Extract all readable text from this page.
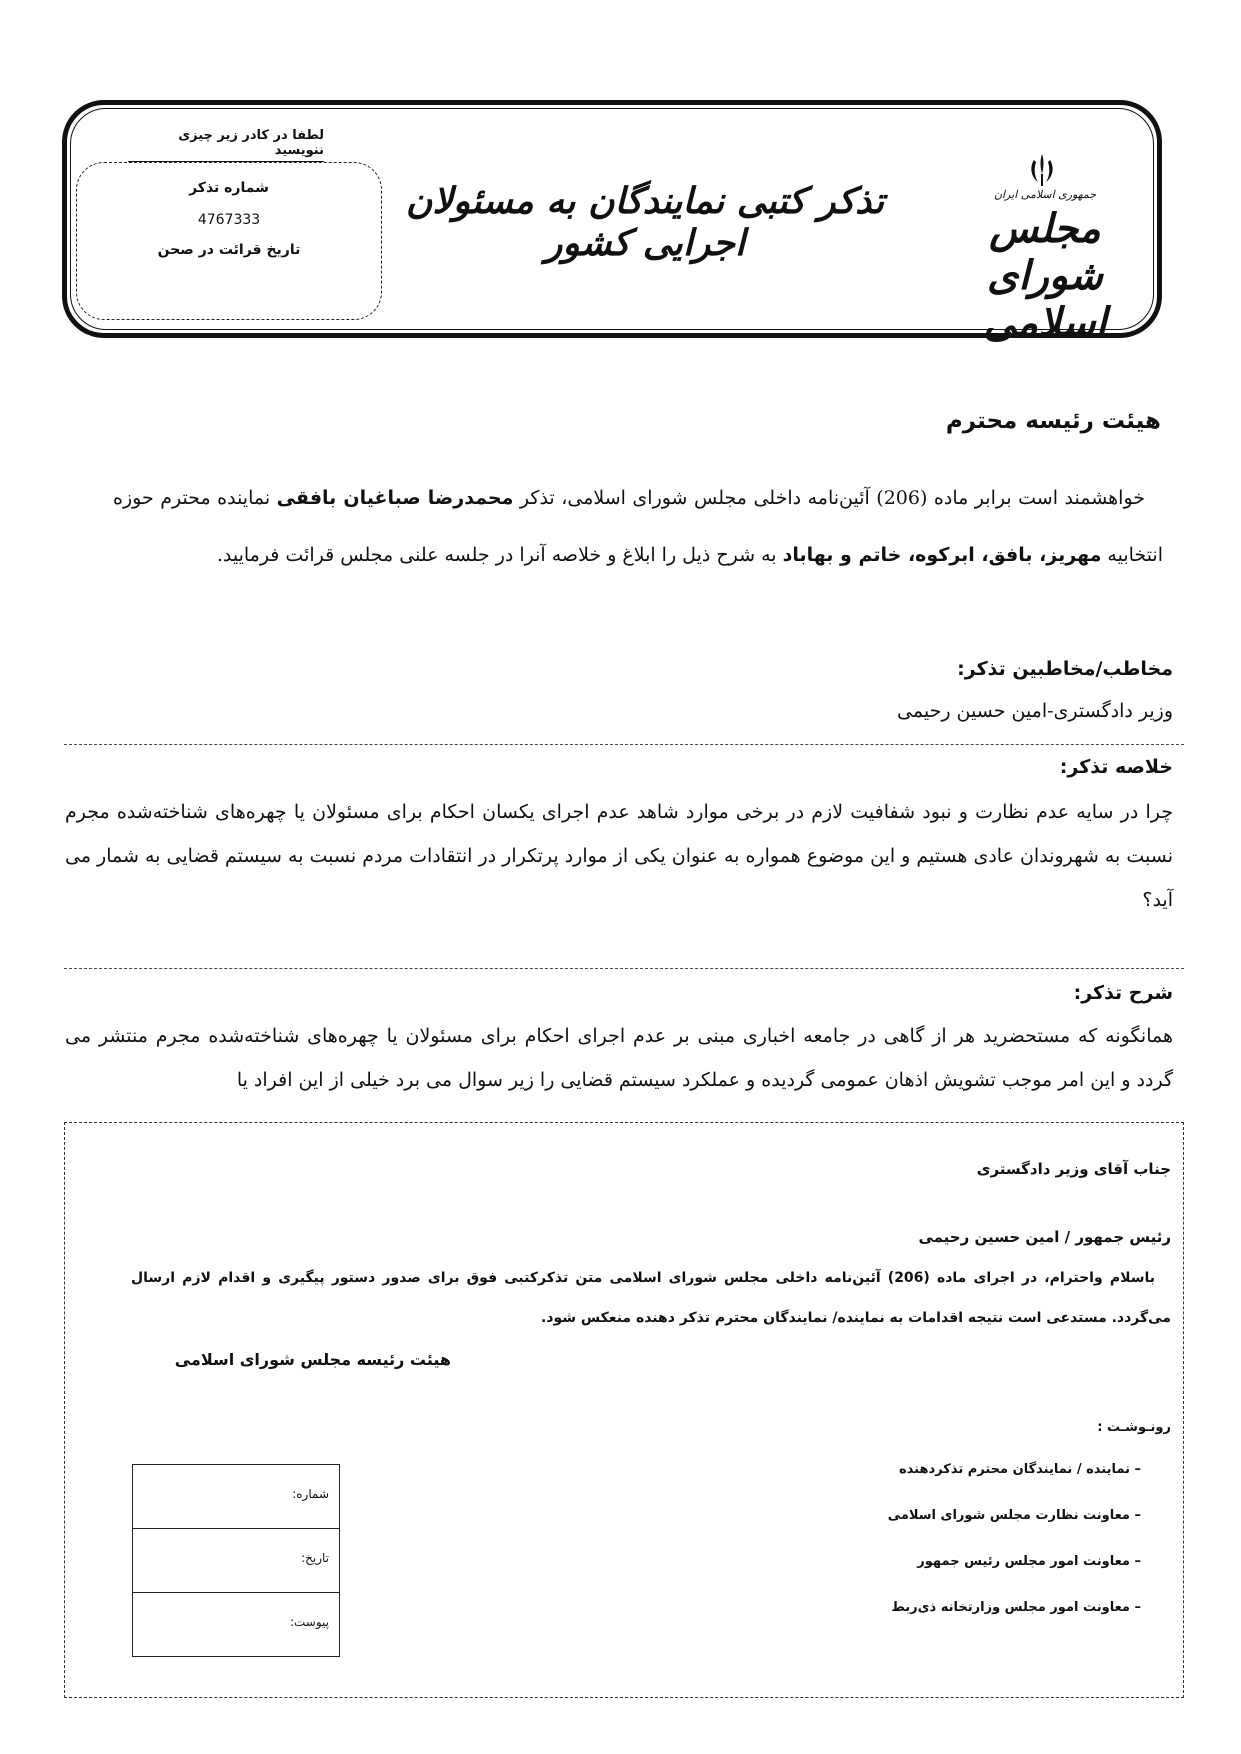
لطفا در کادر زیر چیزی ننویسید
شماره تذکر
4767333
تاریخ قرائت در صحن
تذکر کتبی نمایندگان به مسئولان اجرایی کشور
جمهوری اسلامی ایران
مجلس شورای اسلامی
هیئت رئیسه محترم
خواهشمند است برابر ماده (206) آئین‌نامه داخلی مجلس شورای اسلامی، تذکر محمدرضا صباغیان بافقی نماینده محترم حوزه انتخابیه مهریز، بافق، ابرکوه، خاتم و بهاباد به شرح ذیل را ابلاغ و خلاصه آنرا در جلسه علنی مجلس قرائت فرمایید.
مخاطب/مخاطبین تذکر:
وزیر دادگستری-امین حسین رحیمی
خلاصه تذکر:
چرا در سایه عدم نظارت و نبود شفافیت لازم در برخی موارد شاهد عدم اجرای یکسان احکام برای مسئولان یا چهره‌های شناخته‌شده مجرم نسبت به شهروندان عادی هستیم و این موضوع همواره به عنوان یکی از موارد پرتکرار در انتقادات مردم نسبت به سیستم قضایی به شمار می آید؟
شرح تذکر:
همانگونه که مستحضرید هر از گاهی در جامعه اخباری مبنی بر عدم اجرای احکام برای مسئولان یا چهره‌های شناخته‌شده مجرم منتشر می گردد و این امر موجب تشویش اذهان عمومی گردیده و عملکرد سیستم قضایی را زیر سوال می برد خیلی از این افراد یا
جناب آقای وزیر دادگستری
رئیس جمهور / امین حسین رحیمی
باسلام واحترام، در اجرای ماده (206) آئین‌نامه داخلی مجلس شورای اسلامی متن تذکرکتبی فوق برای صدور دستور پیگیری و اقدام لازم ارسال می‌گردد. مستدعی است نتیجه اقدامات به نماینده/ نمایندگان محترم تذکر دهنده منعکس شود.
هیئت رئیسه مجلس شورای اسلامی
رونـوشـت :
– نماینده / نمایندگان محترم تذکردهنده
– معاونت نظارت مجلس شورای اسلامی
– معاونت امور مجلس رئیس جمهور
– معاونت امور مجلس وزارتخانه ذی‌ربط
شماره:
تاریخ:
پیوست:
